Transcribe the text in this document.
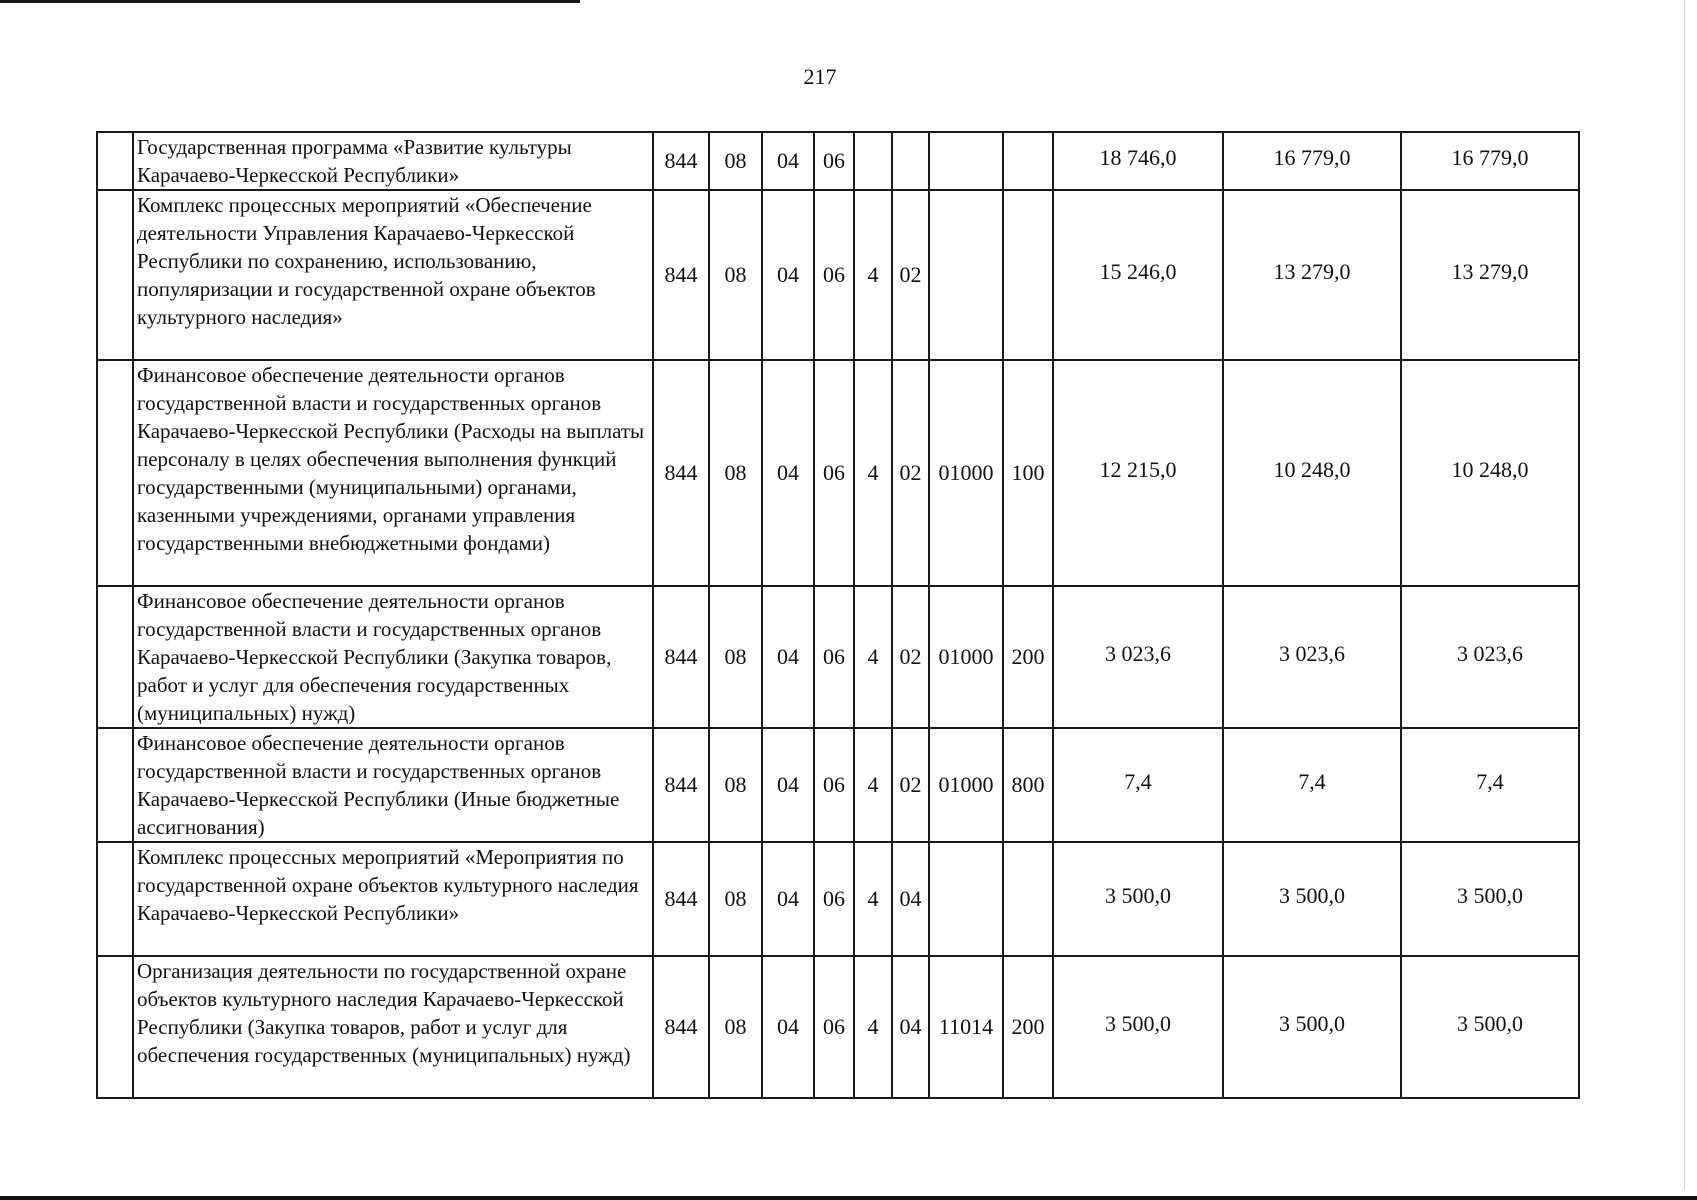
217
	Государственная программа «Развитие культуры Карачаево-Черкесской Республики»	844	08	04	06					18 746,0	16 779,0	16 779,0
	Комплекс процессных мероприятий «Обеспечение деятельности Управления Карачаево-Черкесской Республики по сохранению, использованию, популяризации и государственной охране объектов культурного наследия»	844	08	04	06	4	02			15 246,0	13 279,0	13 279,0
	Финансовое обеспечение деятельности органов государственной власти и государственных органов Карачаево-Черкесской Республики (Расходы на выплаты персоналу в целях обеспечения выполнения функций государственными (муниципальными) органами, казенными учреждениями, органами управления государственными внебюджетными фондами)	844	08	04	06	4	02	01000	100	12 215,0	10 248,0	10 248,0
	Финансовое обеспечение деятельности органов государственной власти и государственных органов Карачаево-Черкесской Республики (Закупка товаров, работ и услуг для обеспечения государственных (муниципальных) нужд)	844	08	04	06	4	02	01000	200	3 023,6	3 023,6	3 023,6
	Финансовое обеспечение деятельности органов государственной власти и государственных органов Карачаево-Черкесской Республики (Иные бюджетные ассигнования)	844	08	04	06	4	02	01000	800	7,4	7,4	7,4
	Комплекс процессных мероприятий «Мероприятия по государственной охране объектов культурного наследия Карачаево-Черкесской Республики»	844	08	04	06	4	04			3 500,0	3 500,0	3 500,0
	Организация деятельности по государственной охране объектов культурного наследия Карачаево-Черкесской Республики (Закупка товаров, работ и услуг для обеспечения государственных (муниципальных) нужд)	844	08	04	06	4	04	11014	200	3 500,0	3 500,0	3 500,0
